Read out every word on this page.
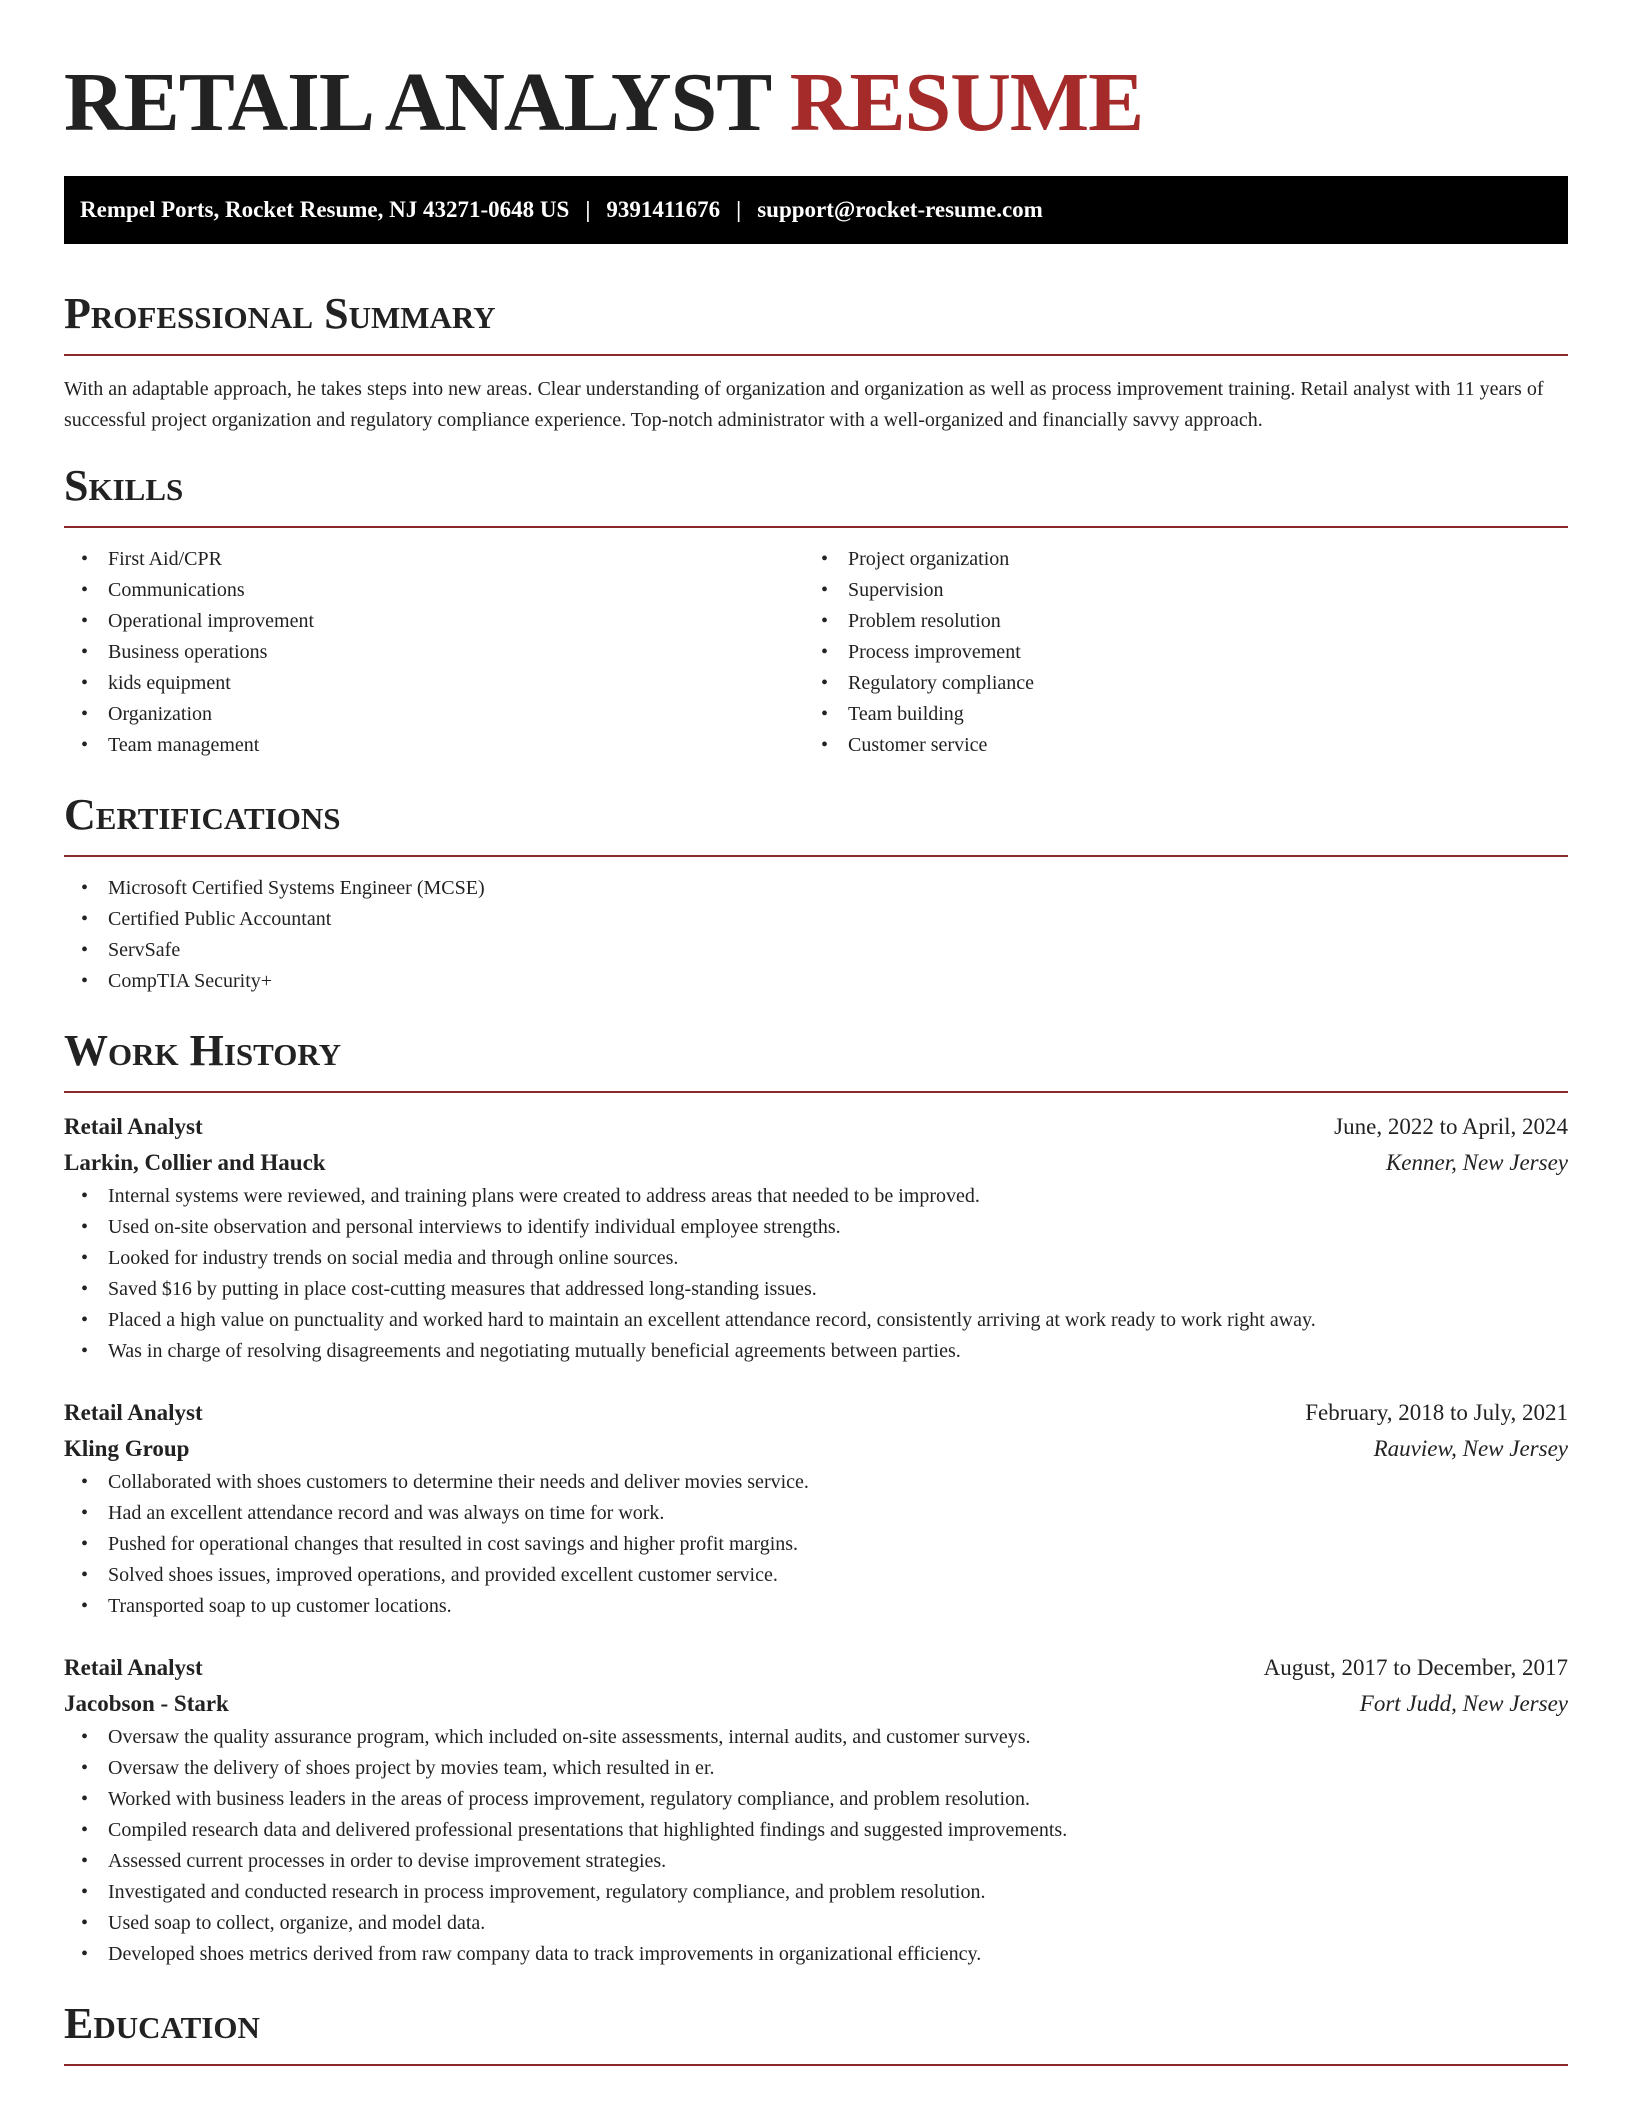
RETAIL ANALYST RESUME
Rempel Ports, Rocket Resume, NJ 43271-0648 US | 9391411676 | support@rocket-resume.com
Professional Summary

With an adaptable approach, he takes steps into new areas. Clear understanding of organization and organization as well as process improvement training. Retail analyst with 11 years of successful project organization and regulatory compliance experience. Top-notch administrator with a well-organized and financially savvy approach.

Skills
• First Aid/CPR
• Communications
• Operational improvement
• Business operations
• kids equipment
• Organization
• Team management
• Project organization
• Supervision
• Problem resolution
• Process improvement
• Regulatory compliance
• Team building
• Customer service
Certifications
• Microsoft Certified Systems Engineer (MCSE)
• Certified Public Accountant
• ServSafe
• CompTIA Security+
Work History
Retail Analyst	June, 2022 to April, 2024
Larkin, Collier and Hauck	Kenner, New Jersey
• Internal systems were reviewed, and training plans were created to address areas that needed to be improved.
• Used on-site observation and personal interviews to identify individual employee strengths.
• Looked for industry trends on social media and through online sources.
• Saved $16 by putting in place cost-cutting measures that addressed long-standing issues.
• Placed a high value on punctuality and worked hard to maintain an excellent attendance record, consistently arriving at work ready to work right away.
• Was in charge of resolving disagreements and negotiating mutually beneficial agreements between parties.
Retail Analyst	February, 2018 to July, 2021
Kling Group	Rauview, New Jersey
• Collaborated with shoes customers to determine their needs and deliver movies service.
• Had an excellent attendance record and was always on time for work.
• Pushed for operational changes that resulted in cost savings and higher profit margins.
• Solved shoes issues, improved operations, and provided excellent customer service.
• Transported soap to up customer locations.
Retail Analyst	August, 2017 to December, 2017
Jacobson - Stark	Fort Judd, New Jersey
• Oversaw the quality assurance program, which included on-site assessments, internal audits, and customer surveys.
• Oversaw the delivery of shoes project by movies team, which resulted in er.
• Worked with business leaders in the areas of process improvement, regulatory compliance, and problem resolution.
• Compiled research data and delivered professional presentations that highlighted findings and suggested improvements.
• Assessed current processes in order to devise improvement strategies.
• Investigated and conducted research in process improvement, regulatory compliance, and problem resolution.
• Used soap to collect, organize, and model data.
• Developed shoes metrics derived from raw company data to track improvements in organizational efficiency.
Education
